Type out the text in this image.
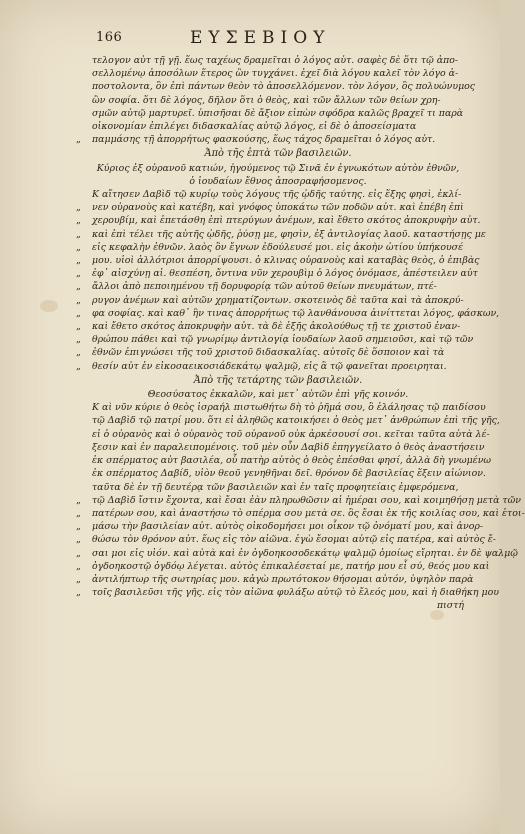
166	ΕΥΣΕΒΙΟΥ
τελογον αὐτ τῇ γῇ. ἕως ταχέως δραμεῖται ὁ λόγος αὐτ. σαφὲς δὲ ὅτι τῷ ἀπο-
σελλομένῳ ἀποσόλων ἕτερος ὢν τυγχάνει. ἐχεῖ διὰ λόγου καλεῖ τὸν λόγο ἀ-
ποστολοντα, ὃν ἐπὶ πάντων θεὸν τὸ ἀποσελλόμενον. τὸν λόγον, ὃς πολυώνυμος
ὢν σοφία. ὅτι δὲ λόγος, δῆλον ὅτι ὁ θεὸς, καὶ τῶν ἄλλων τῶν θείων χρη-
σμῶν αὐτῷ μαρτυρεῖ. ὑπισῆσαι δὲ ἄξιον εἰπὼν σφόδρα καλῶς βραχεῖ τι παρὰ
οἰκονομίαν ἐπιλέγει διδασκαλίας αὐτῷ λόγος, εἰ δὲ ὁ ἀποσείσματα
παμμάσης τῇ ἀπορρήτως φασκούσης, ἕως τάχος δραμεῖται ὁ λόγος αὐτ.
„
Ἀπὸ τῆς ἑπτὰ τῶν βασιλειῶν.
Κύριος ἐξ οὐρανοῦ κατιών, ἠγούμενος τῷ Σινᾶ ἐν ἐγνωκότων αὐτὸν ἐθνῶν,
ὁ ἰουδαίων ἔθνος ἀποσραφήσομενος.
Κ αἴτησεν Δαβὶδ τῷ κυρίῳ τοὺς λόγους τῆς ᾠδῆς ταύτης. εἰς ἕξης φησὶ, ἐκλί-
νεν οὐρανοὺς καὶ κατέβη, καὶ γνόφος ὑποκάτω τῶν ποδῶν αὐτ. καὶ ἐπέβη ἐπὶ
„
χερουβίμ, καὶ ἐπετάσθη ἐπὶ πτερύγων ἀνέμων, καὶ ἔθετο σκότος ἀποκρυφὴν αὐτ.
„
καὶ ἐπὶ τέλει τῆς αὐτῆς ᾠδῆς, ῥύσῃ με, φησὶν, ἐξ ἀντιλογίας λαοῦ. καταστήσῃς με
„
εἰς κεφαλὴν ἐθνῶν. λαὸς ὃν ἔγνων ἐδούλευσέ μοι. εἰς ἀκοὴν ὠτίου ὑπήκουσέ
„
μου. υἱοὶ ἀλλότριοι ἀπορρίψουσι. ὁ κλινας οὐρανοὺς καὶ καταβὰς θεὸς, ὁ ἐπιβὰς
„
ἐφ᾽ αἰσχύνῃ αἰ. θεσπέση, ὄντινα νῦν χερουβὶμ ὁ λόγος ὀνόμασε, ἀπέστειλεν αὐτ
„
ἄλλοι ἀπὸ πεποιημένου τῇ δορυφορίᾳ τῶν αὐτοῦ θείων πνευμάτων, πτέ-
„
ρυγον ἀνέμων καὶ αὐτῶν χρηματίζοντων. σκοτεινὸς δὲ ταῦτα καὶ τὰ ἀποκρύ-
„
φα σοφίας. καὶ καθ᾽ ἣν τινας ἀπορρήτως τῷ λανθάνουσα ἀινίττεται λόγος, φάσκων,
„
καὶ ἔθετο σκότος ἀποκρυφὴν αὐτ. τὰ δὲ ἐξῆς ἀκολούθως τῇ τε χριστοῦ ἐναν-
„
θρώπου πάθει καὶ τῷ γνωρίμῳ ἀντιλογίᾳ ἰουδαίων λαοῦ σημειοῦσι, καὶ τῷ τῶν
„
ἐθνῶν ἐπιγνώσει τῆς τοῦ χριστοῦ διδασκαλίας. αὐτοῖς δὲ ὅσποιον καὶ τὰ
„
θεσίν αὐτ ἐν εἰκοσαεικοσιάδεκάτῳ ψαλμῷ, εἰς ἃ τῷ φανεῖται προειρηται.
„
Ἀπὸ τῆς τετάρτης τῶν βασιλειῶν.
Θεοσύσατος ἐκκαλῶν, καὶ μετ᾽ αὐτῶν ἐπὶ γῆς κοινόν.
Κ αὶ νῦν κύριε ὁ θεὸς ἰσραήλ πιστωθήτω δὴ τὸ ῥῆμά σου, ὃ ἐλάλησας τῷ παιδίσου
τῷ Δαβὶδ τῷ πατρί μου. ὅτι εἰ ἀληθῶς κατοικήσει ὁ θεὸς μετ᾽ ἀνθρώπων ἐπὶ τῆς γῆς,
εἰ ὁ οὐρανὸς καὶ ὁ οὐρανὸς τοῦ οὐρανοῦ οὐκ ἀρκέσουσί σοι. κεῖται ταῦτα αὐτὰ λέ-
ξεσιν καὶ ἐν παραλειπομένοις. τοῦ μὲν οὖν Δαβὶδ ἐπηγγείλατο ὁ θεὸς ἀναστήσειν
ἐκ σπέρματος αὐτ βασιλέα, οὗ πατὴρ αὐτὸς ὁ θεὸς ἐπέσθαι φησί, ἀλλὰ δὴ γνωμένω
ἐκ σπέρματος Δαβίδ, υἱὸν θεοῦ γενηθῆναι δεῖ. θρόνον δὲ βασιλείας ἕξειν αἰώνιον.
ταῦτα δὲ ἐν τῇ δευτέρᾳ τῶν βασιλειῶν καὶ ἐν ταῖς προφητείαις ἐμφερόμενα,
τῷ Δαβὶδ ἴστιν ἔχοντα, καὶ ἔσαι ἐὰν πληρωθῶσιν αἱ ἡμέραι σου, καὶ κοιμηθήσῃ μετὰ τῶν
„
πατέρων σου, καὶ ἀναστήσω τὸ σπέρμα σου μετὰ σε. ὃς ἔσαι ἐκ τῆς κοιλίας σου, καὶ ἑτοι-
„
μάσω τὴν βασιλείαν αὐτ. αὐτὸς οἰκοδομήσει μοι οἶκον τῷ ὀνόματί μου, καὶ ἀνορ-
„
θώσω τὸν θρόνον αὐτ. ἕως εἰς τὸν αἰῶνα. ἐγὼ ἔσομαι αὐτῷ εἰς πατέρα, καὶ αὐτὸς ἔ-
„
σαι μοι εἰς υἱόν. καὶ αὐτὰ καὶ ἐν ὀγδοηκοσοδεκάτῳ ψαλμῷ ὁμοίως εἴρηται. ἐν δὲ ψαλμῷ
„
ὀγδοηκοστῷ ὀγδόῳ λέγεται. αὐτὸς ἐπικαλέσεταί με, πατήρ μου εἶ σύ, θεός μου καὶ
„
ἀντιλήπτωρ τῆς σωτηρίας μου. κἀγὼ πρωτότοκον θήσομαι αὐτόν, ὑψηλὸν παρὰ
„
τοῖς βασιλεῦσι τῆς γῆς. εἰς τὸν αἰῶνα φυλάξω αὐτῷ τὸ ἔλεός μου, καὶ ἡ διαθήκη μου
„
πιστή
